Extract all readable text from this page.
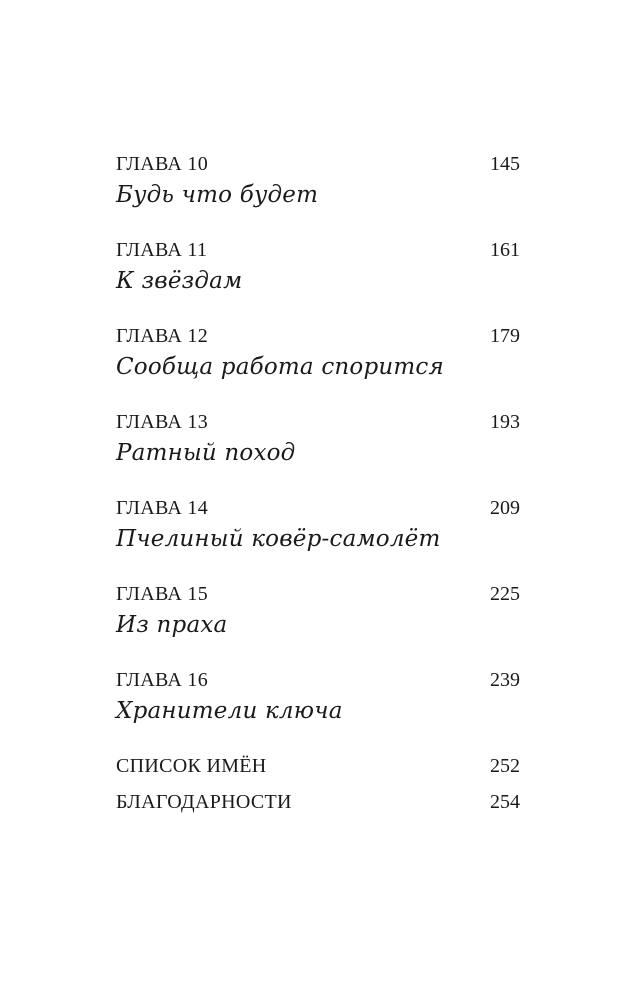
ГЛАВА 10	145
Будь что будет
ГЛАВА 11	161
К звёздам
ГЛАВА 12	179
Сообща работа спорится
ГЛАВА 13	193
Ратный поход
ГЛАВА 14	209
Пчелиный ковёр-самолёт
ГЛАВА 15	225
Из праха
ГЛАВА 16	239
Хранители ключа
СПИСОК ИМЁН	252
БЛАГОДАРНОСТИ	254
